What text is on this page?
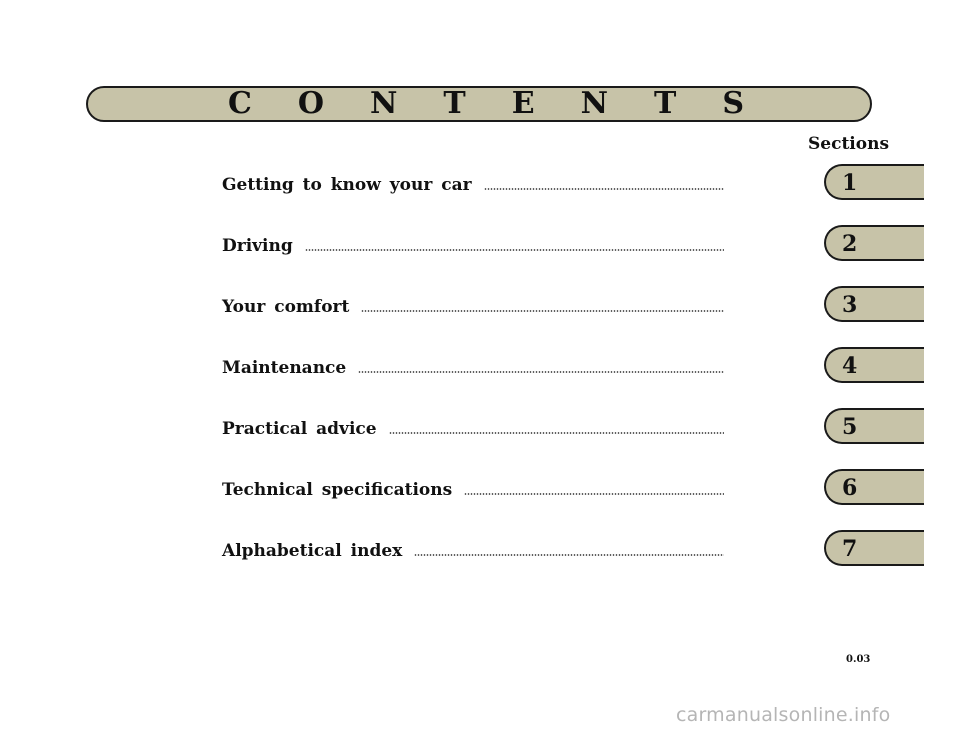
CONTENTS
Sections
Getting to know your car
Driving
Your comfort
Maintenance
Practical advice
Technical specifications
Alphabetical index
1
2
3
4
5
6
7
0.03
carmanualsonline.info
